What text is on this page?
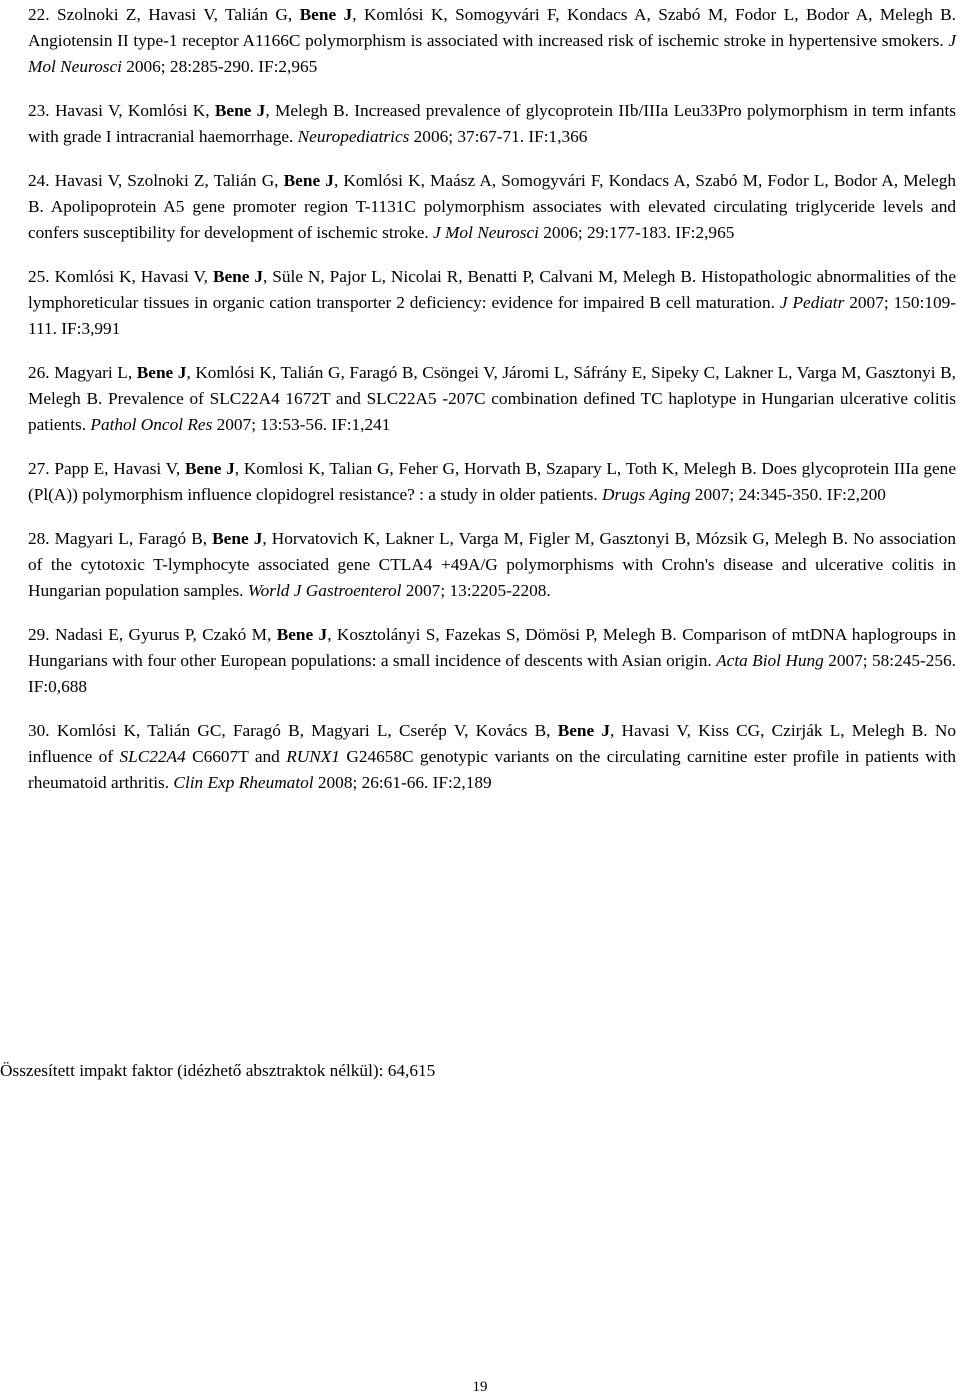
22. Szolnoki Z, Havasi V, Talián G, Bene J, Komlósi K, Somogyvári F, Kondacs A, Szabó M, Fodor L, Bodor A, Melegh B. Angiotensin II type-1 receptor A1166C polymorphism is associated with increased risk of ischemic stroke in hypertensive smokers. J Mol Neurosci 2006; 28:285-290. IF:2,965
23. Havasi V, Komlósi K, Bene J, Melegh B. Increased prevalence of glycoprotein IIb/IIIa Leu33Pro polymorphism in term infants with grade I intracranial haemorrhage. Neuropediatrics 2006; 37:67-71. IF:1,366
24. Havasi V, Szolnoki Z, Talián G, Bene J, Komlósi K, Maász A, Somogyvári F, Kondacs A, Szabó M, Fodor L, Bodor A, Melegh B. Apolipoprotein A5 gene promoter region T-1131C polymorphism associates with elevated circulating triglyceride levels and confers susceptibility for development of ischemic stroke. J Mol Neurosci 2006; 29:177-183. IF:2,965
25. Komlósi K, Havasi V, Bene J, Süle N, Pajor L, Nicolai R, Benatti P, Calvani M, Melegh B. Histopathologic abnormalities of the lymphoreticular tissues in organic cation transporter 2 deficiency: evidence for impaired B cell maturation. J Pediatr 2007; 150:109-111. IF:3,991
26. Magyari L, Bene J, Komlósi K, Talián G, Faragó B, Csöngei V, Járomi L, Sáfrány E, Sipeky C, Lakner L, Varga M, Gasztonyi B, Melegh B. Prevalence of SLC22A4 1672T and SLC22A5 -207C combination defined TC haplotype in Hungarian ulcerative colitis patients. Pathol Oncol Res 2007; 13:53-56. IF:1,241
27. Papp E, Havasi V, Bene J, Komlosi K, Talian G, Feher G, Horvath B, Szapary L, Toth K, Melegh B. Does glycoprotein IIIa gene (Pl(A)) polymorphism influence clopidogrel resistance? : a study in older patients. Drugs Aging 2007; 24:345-350. IF:2,200
28. Magyari L, Faragó B, Bene J, Horvatovich K, Lakner L, Varga M, Figler M, Gasztonyi B, Mózsik G, Melegh B. No association of the cytotoxic T-lymphocyte associated gene CTLA4 +49A/G polymorphisms with Crohn's disease and ulcerative colitis in Hungarian population samples. World J Gastroenterol 2007; 13:2205-2208.
29. Nadasi E, Gyurus P, Czakó M, Bene J, Kosztolányi S, Fazekas S, Dömösi P, Melegh B. Comparison of mtDNA haplogroups in Hungarians with four other European populations: a small incidence of descents with Asian origin. Acta Biol Hung 2007; 58:245-256. IF:0,688
30. Komlósi K, Talián GC, Faragó B, Magyari L, Cserép V, Kovács B, Bene J, Havasi V, Kiss CG, Czirják L, Melegh B. No influence of SLC22A4 C6607T and RUNX1 G24658C genotypic variants on the circulating carnitine ester profile in patients with rheumatoid arthritis. Clin Exp Rheumatol 2008; 26:61-66. IF:2,189
Összesített impakt faktor (idézhető absztraktok nélkül): 64,615
19
